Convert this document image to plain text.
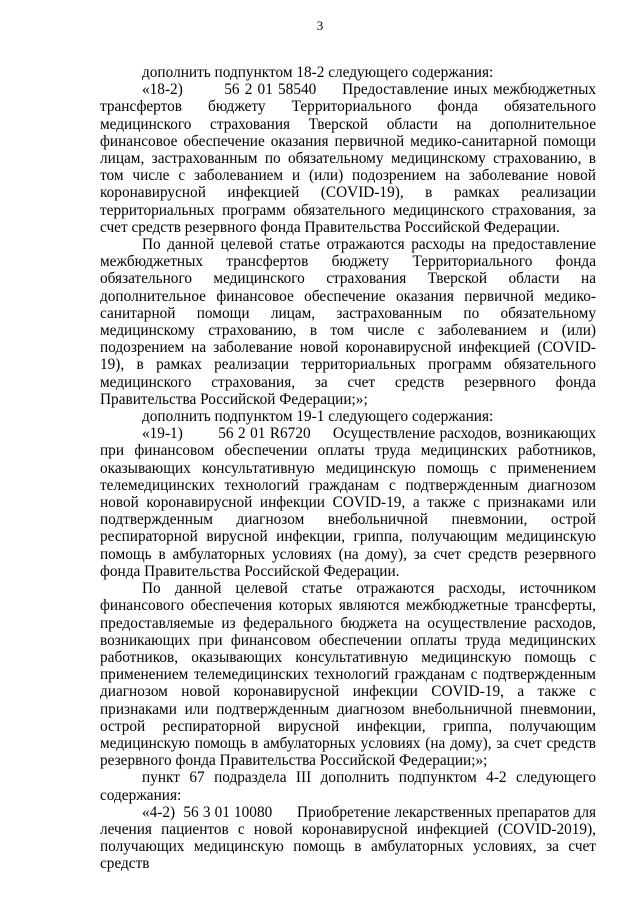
3

дополнить подпунктом 18-2 следующего содержания:

«18-2)        56 2 01 58540     Предоставление иных межбюджетных трансфертов бюджету Территориального фонда обязательного медицинского страхования Тверской области на дополнительное финансовое обеспечение оказания первичной медико-санитарной помощи лицам, застрахованным по обязательному медицинскому страхованию, в том числе с заболеванием и (или) подозрением на заболевание новой коронавирусной инфекцией (COVID-19), в рамках реализации территориальных программ обязательного медицинского страхования, за счет средств резервного фонда Правительства Российской Федерации.

По данной целевой статье отражаются расходы на предоставление межбюджетных трансфертов бюджету Территориального фонда обязательного медицинского страхования Тверской области на дополнительное финансовое обеспечение оказания первичной медико-санитарной помощи лицам, застрахованным по обязательному медицинскому страхованию, в том числе с заболеванием и (или) подозрением на заболевание новой коронавирусной инфекцией (COVID-19), в рамках реализации территориальных программ обязательного медицинского страхования, за счет средств резервного фонда Правительства Российской Федерации;»;

дополнить подпунктом 19-1 следующего содержания:

«19-1)        56 2 01 R6720     Осуществление расходов, возникающих при финансовом обеспечении оплаты труда медицинских работников, оказывающих консультативную медицинскую помощь с применением телемедицинских технологий гражданам с подтвержденным диагнозом новой коронавирусной инфекции COVID-19, а также с признаками или подтвержденным диагнозом внебольничной пневмонии, острой респираторной вирусной инфекции, гриппа, получающим медицинскую помощь в амбулаторных условиях (на дому), за счет средств резервного фонда Правительства Российской Федерации.

По данной целевой статье отражаются расходы, источником финансового обеспечения которых являются межбюджетные трансферты, предоставляемые из федерального бюджета на осуществление расходов, возникающих при финансовом обеспечении оплаты труда медицинских работников, оказывающих консультативную медицинскую помощь с применением телемедицинских технологий гражданам с подтвержденным диагнозом новой коронавирусной инфекции COVID-19, а также с признаками или подтвержденным диагнозом внебольничной пневмонии, острой респираторной вирусной инфекции, гриппа, получающим медицинскую помощь в амбулаторных условиях (на дому), за счет средств резервного фонда Правительства Российской Федерации;»;

пункт 67 подраздела III дополнить подпунктом 4-2 следующего содержания:

«4-2)  56 3 01 10080      Приобретение лекарственных препаратов для лечения пациентов с новой коронавирусной инфекцией (COVID-2019), получающих медицинскую помощь в амбулаторных условиях, за счет средств
